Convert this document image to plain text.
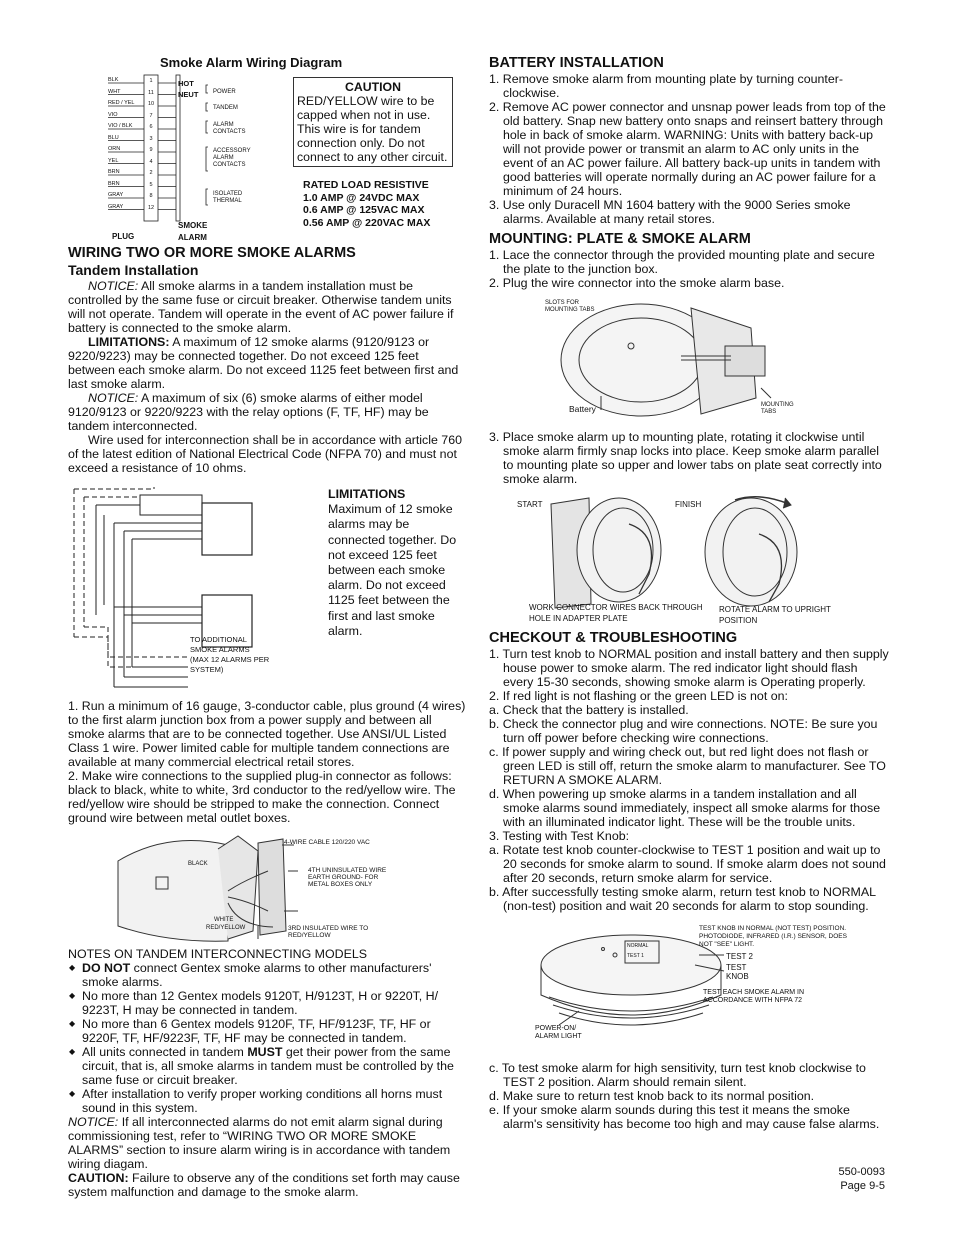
Smoke Alarm Wiring Diagram
BLK	1
WHT	11
RED / YEL	10
VIO	7
VIO / BLK	6
BLU	3
ORN	9
YEL	4
BRN	2
BRN	5
GRAY	8
GRAY	12
HOT
NEUT POWER
TANDEM
ALARM CONTACTS
ACCESSORY ALARM CONTACTS
ISOLATED THERMAL
PLUG
SMOKE ALARM
CAUTION
RED/YELLOW wire to be capped when not in use. This wire is for tandem connection only. Do not connect to any other circuit.
RATED LOAD RESISTIVE
1.0 AMP @ 24VDC MAX
0.6 AMP @ 125VAC MAX
0.56 AMP @ 220VAC MAX
WIRING TWO OR MORE SMOKE ALARMS
Tandem Installation
NOTICE: All smoke alarms in a tandem installation must be controlled by the same fuse or circuit breaker. Otherwise tandem units will not operate. Tandem will operate in the event of AC power failure if battery is connected to the smoke alarm.
LIMITATIONS: A maximum of 12 smoke alarms (9120/9123 or 9220/9223) may be connected together. Do not exceed 125 feet between each smoke alarm. Do not exceed 1125 feet between first and last smoke alarm.
NOTICE: A maximum of six (6) smoke alarms of either model 9120/9123 or 9220/9223 with the relay options (F, TF, HF) may be tandem interconnected.
Wire used for interconnection shall be in accordance with article 760 of the latest edition of National Electrical Code (NFPA 70) and must not exceed a resistance of 10 ohms.
TO ADDITIONAL SMOKE ALARMS (MAX 12 ALARMS PER SYSTEM)
LIMITATIONS
Maximum of 12 smoke alarms may be connected together. Do not exceed 125 feet between each smoke alarm. Do not exceed 1125 feet between the first and last smoke alarm.
1. Run a minimum of 16 gauge, 3-conductor cable, plus ground (4 wires) to the first alarm junction box from a power supply and between all smoke alarms that are to be connected together. Use ANSI/UL Listed Class 1 wire. Power limited cable for multiple tandem connections are available at many commercial electrical retail stores.
2. Make wire connections to the supplied plug-in connector as follows: black to black, white to white, 3rd conductor to the red/yellow wire. The red/yellow wire should be stripped to make the connection. Connect ground wire between metal outlet boxes.
4-WIRE CABLE 120/220 VAC
BLACK
4TH UNINSULATED WIRE EARTH GROUND- FOR METAL BOXES ONLY
WHITE
RED/YELLOW	3RD INSULATED WIRE TO RED/YELLOW
NOTES ON TANDEM INTERCONNECTING MODELS
◆ DO NOT connect Gentex smoke alarms to other manufacturers' smoke alarms.
◆ No more than 12 Gentex models 9120T, H/9123T, H or 9220T, H/ 9223T, H may be connected in tandem.
◆ No more than 6 Gentex models 9120F, TF, HF/9123F, TF, HF or 9220F, TF, HF/9223F, TF, HF may be connected in tandem.
◆ All units connected in tandem MUST get their power from the same circuit, that is, all smoke alarms in tandem must be controlled by the same fuse or circuit breaker.
◆ After installation to verify proper working conditions all horns must sound in this system.
NOTICE: If all interconnected alarms do not emit alarm signal during commissioning test, refer to “WIRING TWO OR MORE SMOKE ALARMS” section to insure alarm wiring is in accordance with tandem wiring diagam.
CAUTION: Failure to observe any of the conditions set forth may cause system malfunction and damage to the smoke alarm.
BATTERY INSTALLATION
1. Remove smoke alarm from mounting plate by turning counter-clockwise.
2. Remove AC power connector and unsnap power leads from top of the old battery. Snap new battery onto snaps and reinsert battery through hole in back of smoke alarm. WARNING: Units with battery back-up will not provide power or transmit an alarm to AC only units in the event of an AC power failure. All battery back-up units in tandem with good batteries will operate normally during an AC power failure for a minimum of 24 hours.
3. Use only Duracell MN 1604 battery with the 9000 Series smoke alarms. Available at many retail stores.
MOUNTING: PLATE & SMOKE ALARM
1. Lace the connector through the provided mounting plate and secure the plate to the junction box.
2. Plug the wire connector into the smoke alarm base.
SLOTS FOR MOUNTING TABS
Battery	MOUNTING TABS
3. Place smoke alarm up to mounting plate, rotating it clockwise until smoke alarm firmly snap locks into place. Keep smoke alarm parallel to mounting plate so upper and lower tabs on plate seat correctly into smoke alarm.
START	FINISH
WORK CONNECTOR WIRES BACK THROUGH HOLE IN ADAPTER PLATE
ROTATE ALARM TO UPRIGHT POSITION
CHECKOUT & TROUBLESHOOTING
1. Turn test knob to NORMAL position and install battery and then supply house power to smoke alarm. The red indicator light should flash every 15-30 seconds, showing smoke alarm is Operating properly.
2. If red light is not flashing or the green LED is not on:
a. Check that the battery is installed.
b. Check the connector plug and wire connections. NOTE: Be sure you turn off power before checking wire connections.
c. If power supply and wiring check out, but red light does not flash or green LED is still off, return the smoke alarm to manufacturer. See TO RETURN A SMOKE ALARM.
d. When powering up smoke alarms in a tandem installation and all smoke alarms sound immediately, inspect all smoke alarms for those with an illuminated indicator light. These will be the trouble units.
3. Testing with Test Knob:
a. Rotate test knob counter-clockwise to TEST 1 position and wait up to 20 seconds for smoke alarm to sound. If smoke alarm does not sound after 20 seconds, return smoke alarm for service.
b. After successfully testing smoke alarm, return test knob to NORMAL (non-test) position and wait 20 seconds for alarm to stop sounding.
TEST KNOB IN NORMAL (NOT TEST) POSITION. PHOTODIODE, INFRARED (I.R.) SENSOR, DOES NOT "SEE" LIGHT.
NORMAL
TEST 1	TEST 2
TEST KNOB
POWER-ON/ ALARM LIGHT
TEST EACH SMOKE ALARM IN ACCORDANCE WITH NFPA 72
c. To test smoke alarm for high sensitivity, turn test knob clockwise to TEST 2 position. Alarm should remain silent.
d. Make sure to return test knob back to its normal position.
e. If your smoke alarm sounds during this test it means the smoke alarm's sensitivity has become too high and may cause false alarms.
550-0093
Page 9-5
